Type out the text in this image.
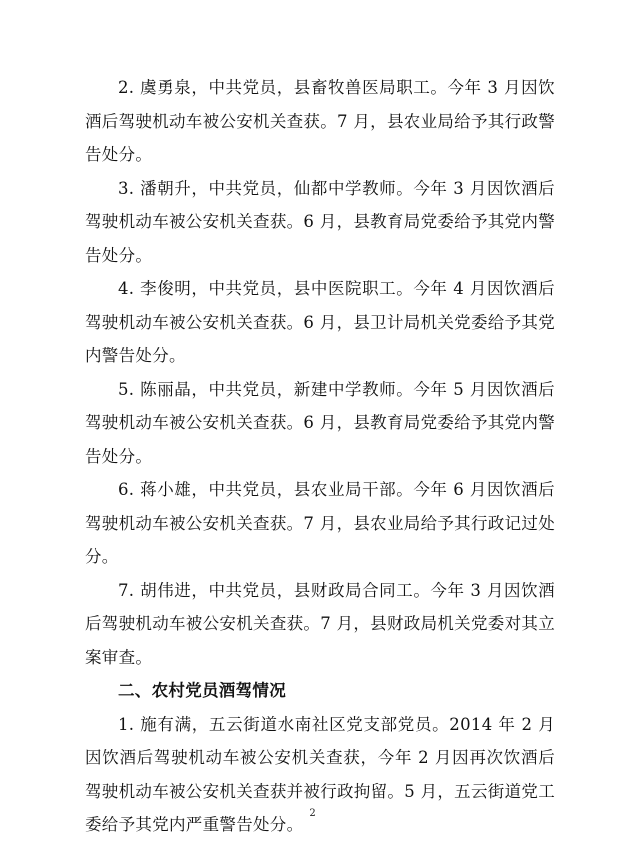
2. 虞勇泉，中共党员，县畜牧兽医局职工。今年 3 月因饮酒后驾驶机动车被公安机关查获。7 月，县农业局给予其行政警告处分。

3. 潘朝升，中共党员，仙都中学教师。今年 3 月因饮酒后驾驶机动车被公安机关查获。6 月，县教育局党委给予其党内警告处分。

4. 李俊明，中共党员，县中医院职工。今年 4 月因饮酒后驾驶机动车被公安机关查获。6 月，县卫计局机关党委给予其党内警告处分。

5. 陈丽晶，中共党员，新建中学教师。今年 5 月因饮酒后驾驶机动车被公安机关查获。6 月，县教育局党委给予其党内警告处分。

6. 蒋小雄，中共党员，县农业局干部。今年 6 月因饮酒后驾驶机动车被公安机关查获。7 月，县农业局给予其行政记过处分。

7. 胡伟进，中共党员，县财政局合同工。今年 3 月因饮酒后驾驶机动车被公安机关查获。7 月，县财政局机关党委对其立案审查。

二、农村党员酒驾情况

1. 施有满，五云街道水南社区党支部党员。2014 年 2 月因饮酒后驾驶机动车被公安机关查获，今年 2 月因再次饮酒后驾驶机动车被公安机关查获并被行政拘留。5 月，五云街道党工委给予其党内严重警告处分。

2
